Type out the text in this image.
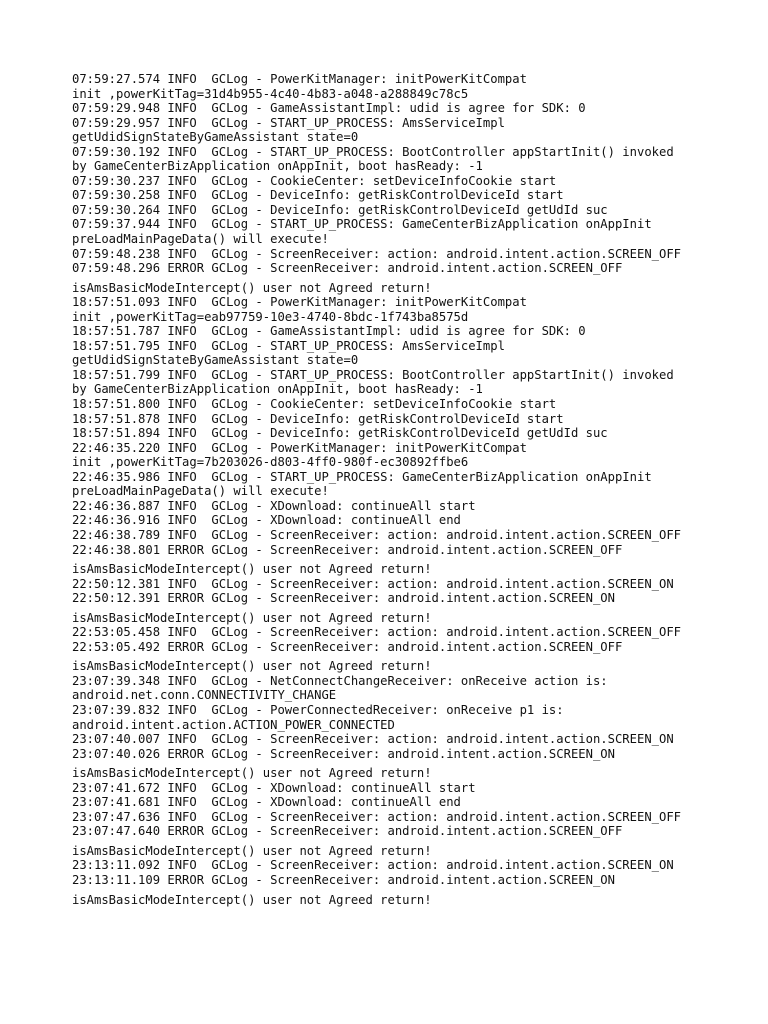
07:59:27.574 INFO  GCLog - PowerKitManager: initPowerKitCompat
init ,powerKitTag=31d4b955-4c40-4b83-a048-a288849c78c5
07:59:29.948 INFO  GCLog - GameAssistantImpl: udid is agree for SDK: 0
07:59:29.957 INFO  GCLog - START_UP_PROCESS: AmsServiceImpl
getUdidSignStateByGameAssistant state=0
07:59:30.192 INFO  GCLog - START_UP_PROCESS: BootController appStartInit() invoked
by GameCenterBizApplication onAppInit, boot hasReady: -1
07:59:30.237 INFO  GCLog - CookieCenter: setDeviceInfoCookie start
07:59:30.258 INFO  GCLog - DeviceInfo: getRiskControlDeviceId start
07:59:30.264 INFO  GCLog - DeviceInfo: getRiskControlDeviceId getUdId suc
07:59:37.944 INFO  GCLog - START_UP_PROCESS: GameCenterBizApplication onAppInit
preLoadMainPageData() will execute!
07:59:48.238 INFO  GCLog - ScreenReceiver: action: android.intent.action.SCREEN_OFF
07:59:48.296 ERROR GCLog - ScreenReceiver: android.intent.action.SCREEN_OFF
isAmsBasicModeIntercept() user not Agreed return!
18:57:51.093 INFO  GCLog - PowerKitManager: initPowerKitCompat
init ,powerKitTag=eab97759-10e3-4740-8bdc-1f743ba8575d
18:57:51.787 INFO  GCLog - GameAssistantImpl: udid is agree for SDK: 0
18:57:51.795 INFO  GCLog - START_UP_PROCESS: AmsServiceImpl
getUdidSignStateByGameAssistant state=0
18:57:51.799 INFO  GCLog - START_UP_PROCESS: BootController appStartInit() invoked
by GameCenterBizApplication onAppInit, boot hasReady: -1
18:57:51.800 INFO  GCLog - CookieCenter: setDeviceInfoCookie start
18:57:51.878 INFO  GCLog - DeviceInfo: getRiskControlDeviceId start
18:57:51.894 INFO  GCLog - DeviceInfo: getRiskControlDeviceId getUdId suc
22:46:35.220 INFO  GCLog - PowerKitManager: initPowerKitCompat
init ,powerKitTag=7b203026-d803-4ff0-980f-ec30892ffbe6
22:46:35.986 INFO  GCLog - START_UP_PROCESS: GameCenterBizApplication onAppInit
preLoadMainPageData() will execute!
22:46:36.887 INFO  GCLog - XDownload: continueAll start
22:46:36.916 INFO  GCLog - XDownload: continueAll end
22:46:38.789 INFO  GCLog - ScreenReceiver: action: android.intent.action.SCREEN_OFF
22:46:38.801 ERROR GCLog - ScreenReceiver: android.intent.action.SCREEN_OFF
isAmsBasicModeIntercept() user not Agreed return!
22:50:12.381 INFO  GCLog - ScreenReceiver: action: android.intent.action.SCREEN_ON
22:50:12.391 ERROR GCLog - ScreenReceiver: android.intent.action.SCREEN_ON
isAmsBasicModeIntercept() user not Agreed return!
22:53:05.458 INFO  GCLog - ScreenReceiver: action: android.intent.action.SCREEN_OFF
22:53:05.492 ERROR GCLog - ScreenReceiver: android.intent.action.SCREEN_OFF
isAmsBasicModeIntercept() user not Agreed return!
23:07:39.348 INFO  GCLog - NetConnectChangeReceiver: onReceive action is:
android.net.conn.CONNECTIVITY_CHANGE
23:07:39.832 INFO  GCLog - PowerConnectedReceiver: onReceive p1 is:
android.intent.action.ACTION_POWER_CONNECTED
23:07:40.007 INFO  GCLog - ScreenReceiver: action: android.intent.action.SCREEN_ON
23:07:40.026 ERROR GCLog - ScreenReceiver: android.intent.action.SCREEN_ON
isAmsBasicModeIntercept() user not Agreed return!
23:07:41.672 INFO  GCLog - XDownload: continueAll start
23:07:41.681 INFO  GCLog - XDownload: continueAll end
23:07:47.636 INFO  GCLog - ScreenReceiver: action: android.intent.action.SCREEN_OFF
23:07:47.640 ERROR GCLog - ScreenReceiver: android.intent.action.SCREEN_OFF
isAmsBasicModeIntercept() user not Agreed return!
23:13:11.092 INFO  GCLog - ScreenReceiver: action: android.intent.action.SCREEN_ON
23:13:11.109 ERROR GCLog - ScreenReceiver: android.intent.action.SCREEN_ON
isAmsBasicModeIntercept() user not Agreed return!
